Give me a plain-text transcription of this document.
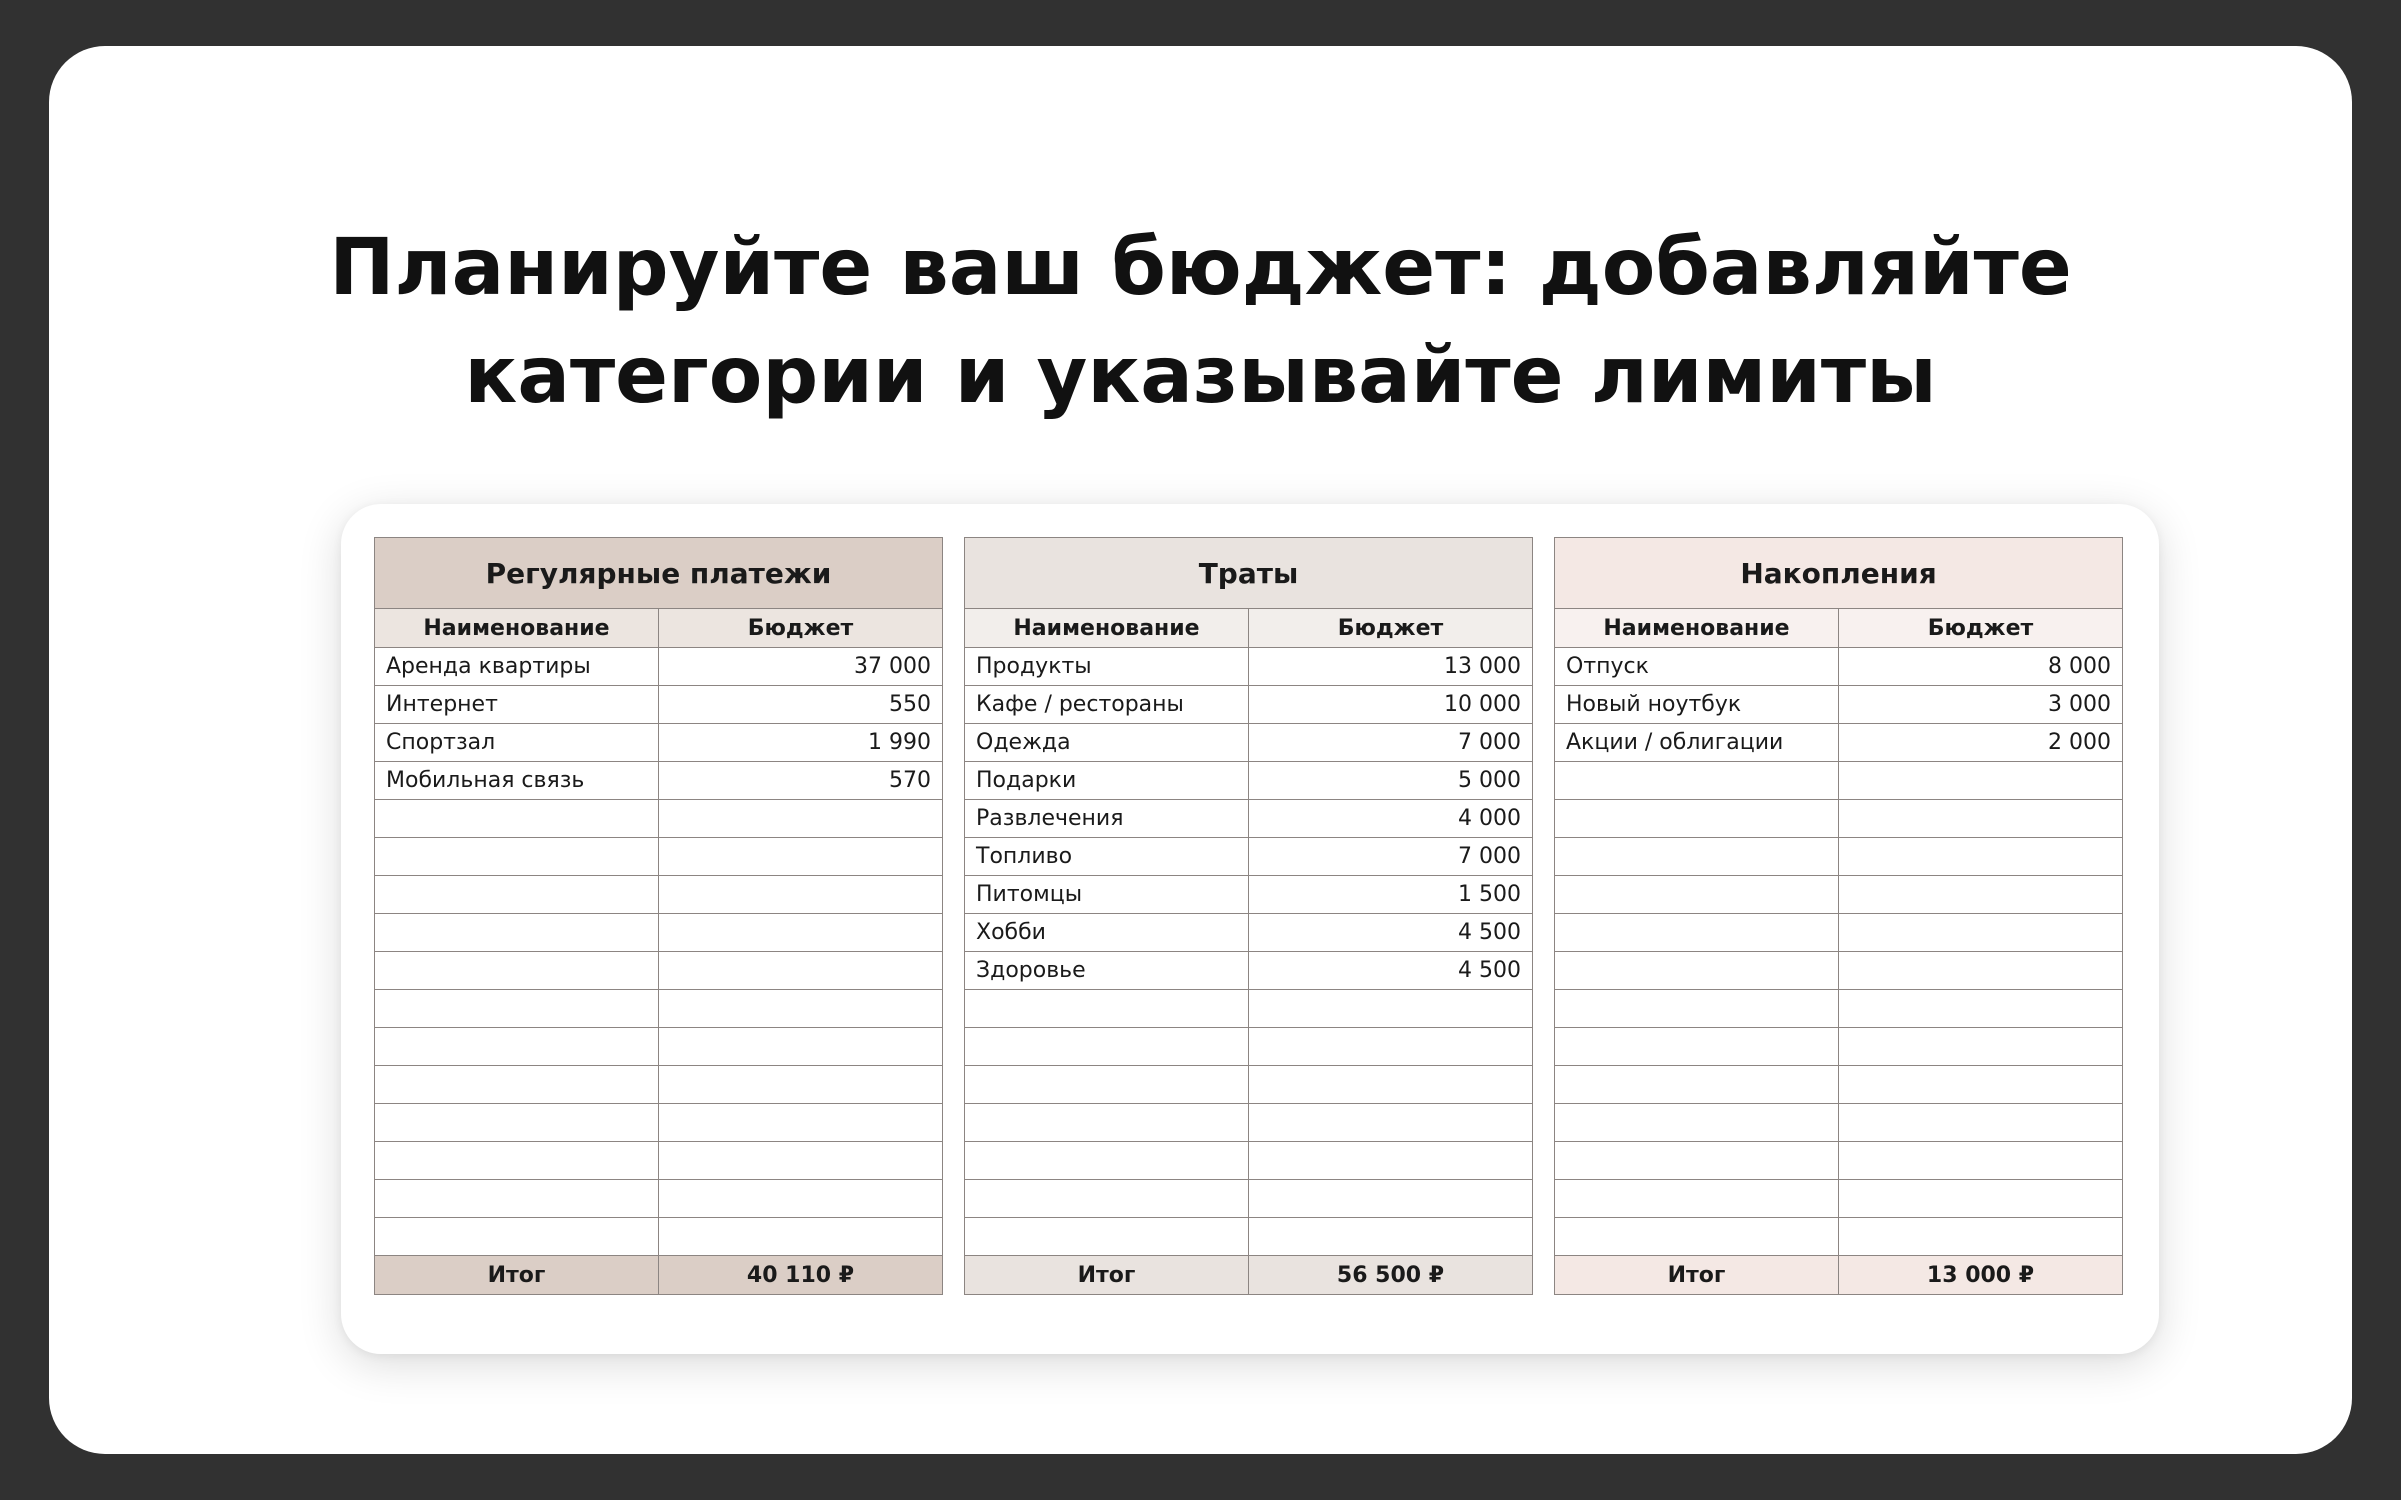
Планируйте ваш бюджет: добавляйте
категории и указывайте лимиты
Регулярные платежи	
Наименование	Бюджет
Аренда квартиры	37 000
Интернет	550
Спортзал	1 990
Мобильная связь	570

Итог	40 110 ₽
Траты	
Наименование	Бюджет
Продукты	13 000
Кафе / рестораны	10 000
Одежда	7 000
Подарки	5 000
Развлечения	4 000
Топливо	7 000
Питомцы	1 500
Хобби	4 500
Здоровье	4 500

Итог	56 500 ₽
Накопления	
Наименование	Бюджет
Отпуск	8 000
Новый ноутбук	3 000
Акции / облигации	2 000

Итог	13 000 ₽
